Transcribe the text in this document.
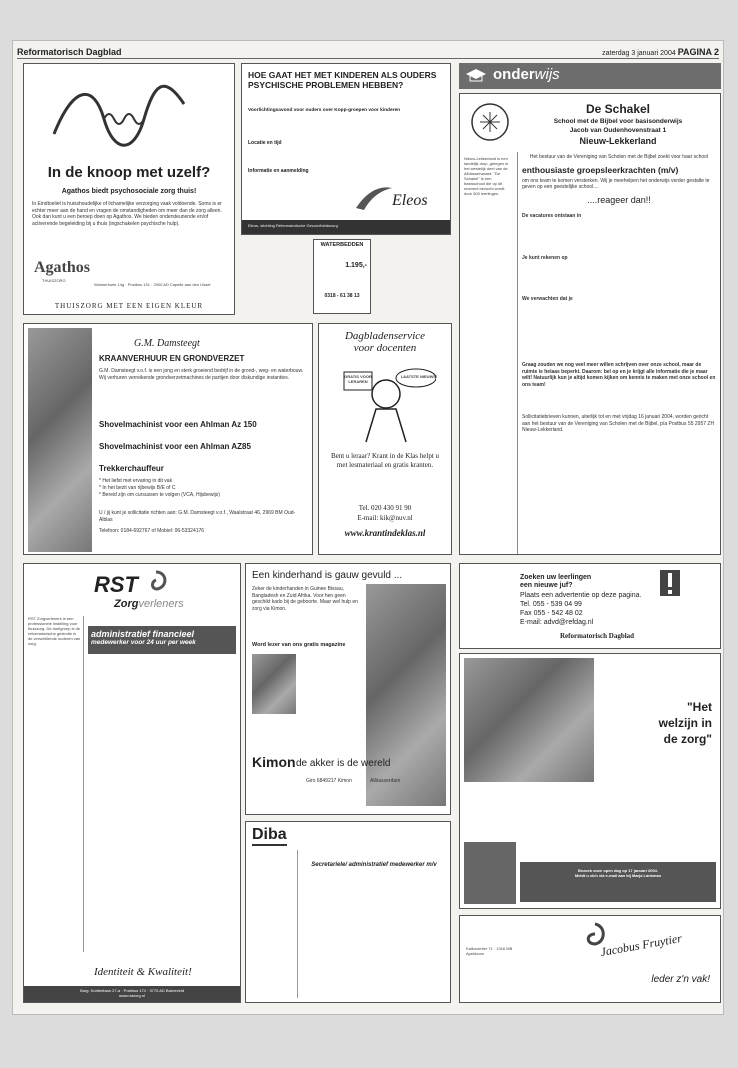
Reformatorisch Dagblad	zaterdag 3 januari 2004 PAGINA 2
In de knoop met uzelf?
Agathos biedt psychosociale zorg thuis!
In Eindtoeliet is huisshoudelijke of lichamelijke verzorging vaak voldoende. Soms is er echter meer aan de hand en vragen de omstandigheden om meer dan de zorg alleen. Ook dan kunt u een beroep doen op Agathos. We bieden ondersteunende en/of activerende begeleiding bij u thuis (ingschakelen psychische hulp).
Agathos
THUISZORG
Wolmerhoek 14g · Postbus 151 · 2900 AD Capelle aan den IJssel
THUISZORG MET EEN EIGEN KLEUR
HOE GAAT HET MET KINDEREN ALS OUDERS PSYCHISCHE PROBLEMEN HEBBEN?
Voorlichtingsavond voor ouders over Kopp-groepen voor kinderen
Locatie en tijd
Informatie en aanmelding
Eleos
Eleos, stichting Reformatorische Gezondheidszorg
WATERBEDDEN
1.195,-
0318 - 61 38 13
G.M. Damsteegt
KRAANVERHUUR EN GRONDVERZET
G.M. Damsteegt v.o.f. is een jong en sterk groeiend bedrijf in de grond-, weg- en waterbouw. Wij verhuren verreikende grondverzetmachines de partijen door diskundige instanties.
Shovelmachinist voor een Ahlman Az 150
Shovelmachinist voor een Ahlman AZ85
Trekkerchauffeur
* Het liefst met ervaring in dit vak
* In het bezit van rijbewijs B/E of C
* Bereid zijn om cursussen te volgen (VCA, Hijsbewijs)
U / jij kunt je sollicitatie richten aan: G.M. Damsteegt v.o.f., Waalstraat 46, 2969 BM Oud-Alblas
Telefoon: 0184-692767 of Mobiel: 06-53324176
Dagbladenservice
voor docenten
LAATSTE NIEUWS!
GRATIS VOOR LERAREN
Bent u leraar? Krant in de Klas helpt u met lesmateriaal en gratis kranten.
Tel. 020 430 91 90
E-mail: kik@nuv.nl
www.krantindeklas.nl
onderwijs
De Schakel
School met de Bijbel voor basisonderwijs
Jacob van Oudenhovenstraat 1
Nieuw-Lekkerland
Nieuw-Lekkerland is een landelijk dorp, gelegen in het westelijk deel van de Alblasserwaard. "De Schakel" is een basisschool die op dit moment bezocht wordt door 300 leerlingen.
Het bestuur van de Vereniging van Scholen met de Bijbel zoekt voor haar school
enthousiaste groepsleerkrachten (m/v)
om ons team te komen versterken. Wij je meehelpen het onderwijs verder gestalte te geven op een geestelijke school....
....reageer dan!!
De vacatures ontstaan in
Je kunt rekenen op
We verwachten dat je
Graag zouden we nog veel meer willen schrijven over onze school, maar de ruimte is helaas beperkt. Daarom: bel op en je krijgt alle informatie die je maar wilt! Natuurlijk kun je altijd komen kijken om kennis te maken met onze school en ons team!
Sollicitatiebrieven kunnen, uiterlijk tot en met vrijdag 16 januari 2004, worden gericht aan het bestuur van de Vereniging van Scholen met de Bijbel, p/a Postbus 55 2957 ZH Nieuw-Lekkerland.
RST
Zorgverleners
RST Zorgverleners is een professionele instelling voor thuiszorg. De doelgroep is de reformatorische gezindte in de verschillende ouderen van zorg.
administratief financieel
medewerker voor 24 uur per week
Identiteit & Kwaliteit!
Burg. Kortleelaan 27-a · Postbus 174 · 3770 AD Barneveld
www.rstzorg.nl
Een kinderhand is gauw gevuld ...
Zeker de kinderhanden in Guinee Bissau, Bangladesh en Zuid Afrika. Voor hen geen geschikt kado bij de geboorte. Maar wel hulp en zorg via Kimon.
Word lezer van ons gratis magazine
Kimon de akker is de wereld
Giro 6849217 Kimon	Alblasserdam
Diba
Secretariele/ administratief medewerker m/v
Zoeken uw leerlingen
een nieuwe juf?
Plaats een advertentie op deze pagina.
Tel. 055 - 539 04 99
Fax 055 - 542 48 02
E-mail: advd@refdag.nl
Reformatorisch Dagblad
"Het
welzijn in
de zorg"
Bezoek onze open dag op 17 januari 2004.
Meldt u zich via e-mail aan bij Marja Lankman
Kalkoventer 71 · 1316 MB Apeldoorn	Jacobus Fruytier
leder z'n vak!
